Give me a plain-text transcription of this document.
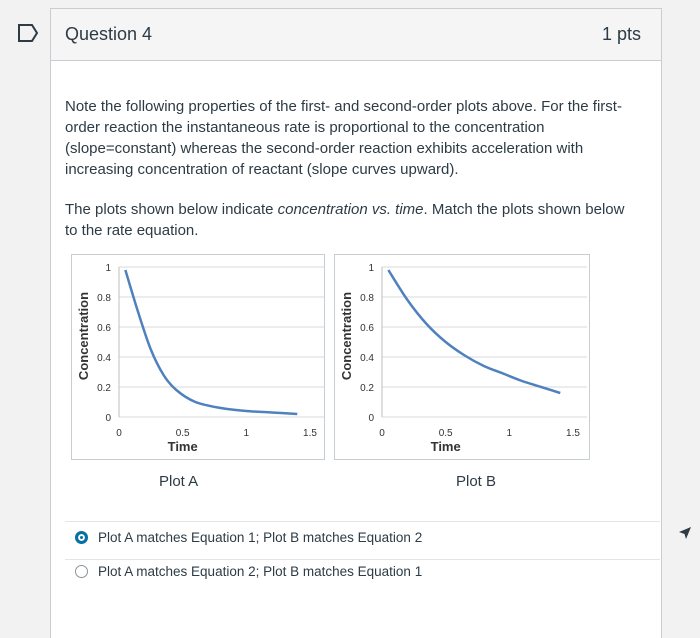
Question 4	1 pts
Note the following properties of the first- and second-order plots above. For the first-order reaction the instantaneous rate is proportional to the concentration (slope=constant) whereas the second-order reaction exhibits acceleration with increasing concentration of reactant (slope curves upward).
The plots shown below indicate concentration vs. time. Match the plots shown below to the rate equation.
1
0.8
0.6
0.4
0.2
0
0	0.5	1	1.5
Time
Concentration
1
0.8
0.6
0.4
0.2
0
0	0.5	1	1.5
Time
Concentration
Plot A	Plot B
Plot A matches Equation 1; Plot B matches Equation 2
Plot A matches Equation 2; Plot B matches Equation 1
